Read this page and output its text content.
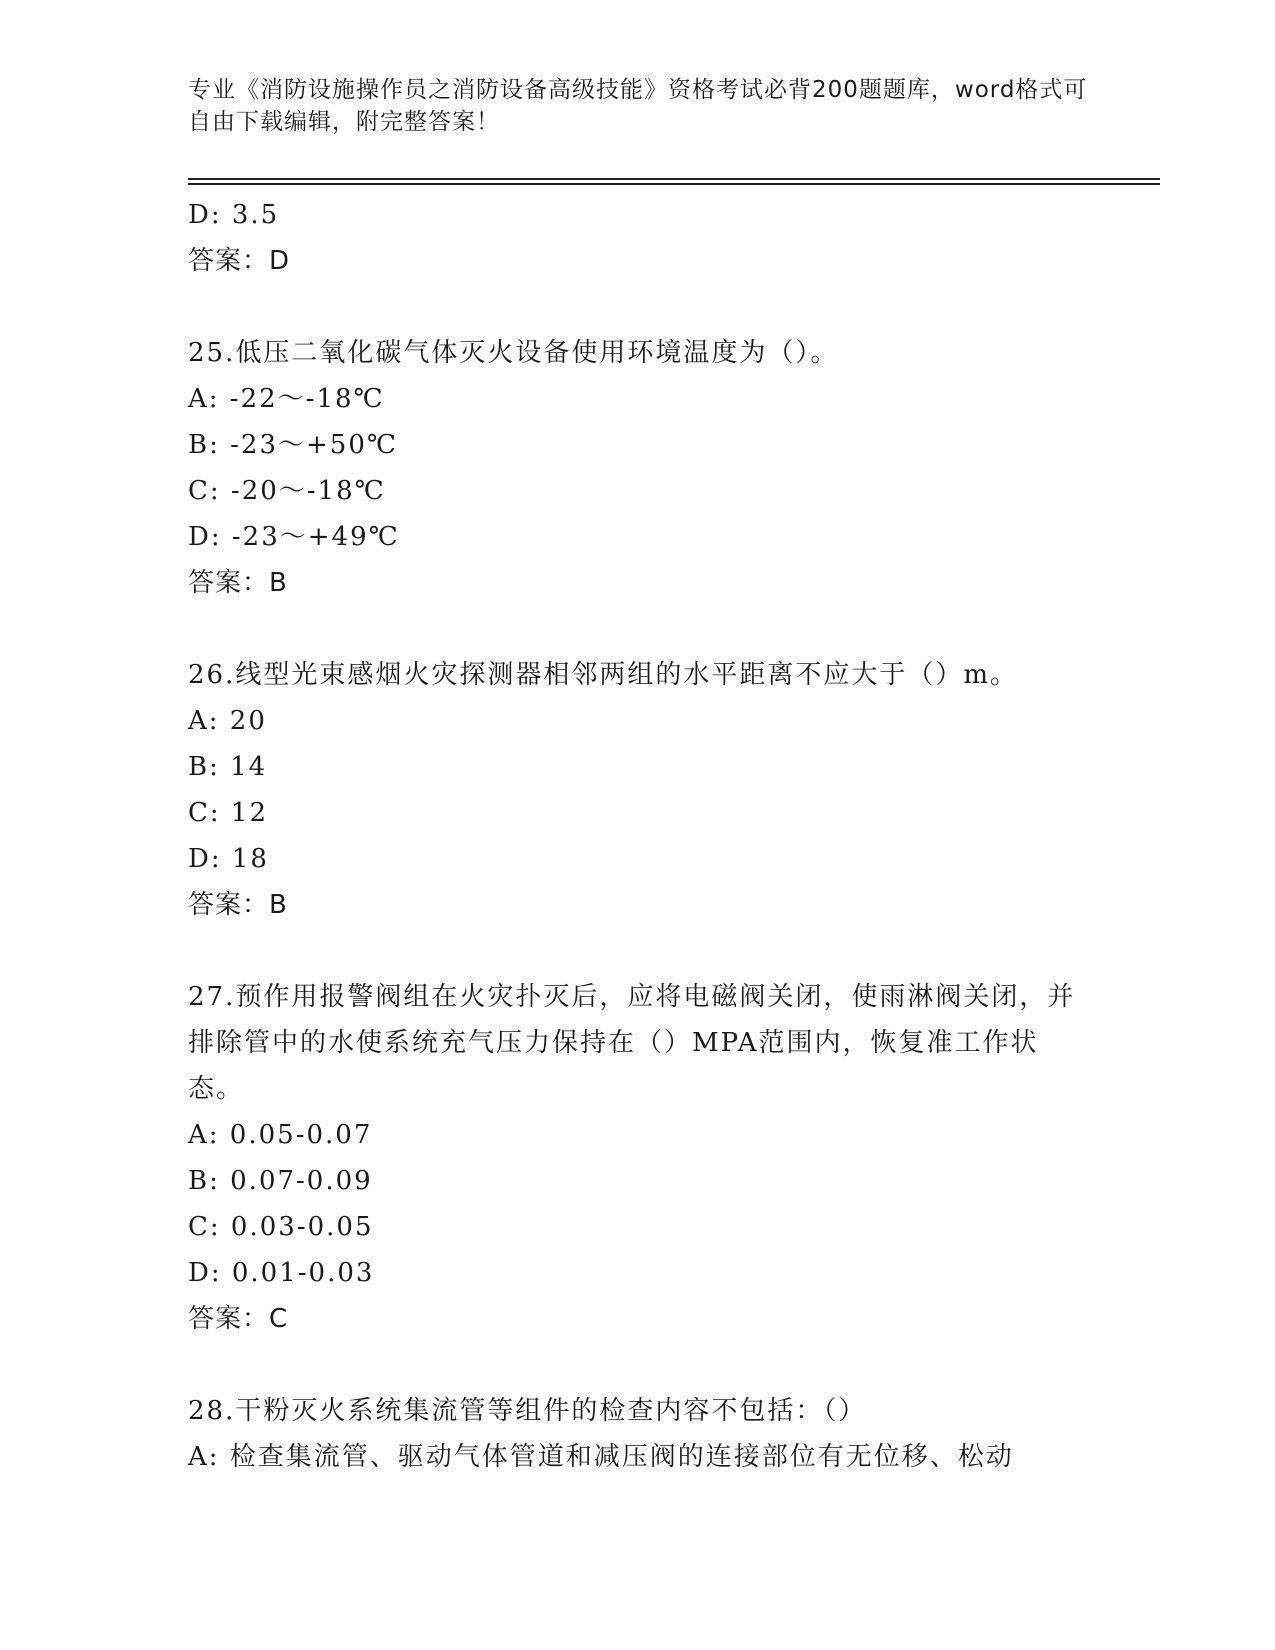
专业《消防设施操作员之消防设备高级技能》资格考试必背200题题库，word格式可自由下载编辑，附完整答案！
D: 3.5
答案：D
25.低压二氧化碳气体灭火设备使用环境温度为（）。
A: -22～-18℃
B: -23～+50℃
C: -20～-18℃
D: -23～+49℃
答案：B
26.线型光束感烟火灾探测器相邻两组的水平距离不应大于（）m。
A: 20
B: 14
C: 12
D: 18
答案：B
27.预作用报警阀组在火灾扑灭后，应将电磁阀关闭，使雨淋阀关闭，并排除管中的水使系统充气压力保持在（）MPA范围内，恢复准工作状态。
A: 0.05-0.07
B: 0.07-0.09
C: 0.03-0.05
D: 0.01-0.03
答案：C
28.干粉灭火系统集流管等组件的检查内容不包括：（）
A: 检查集流管、驱动气体管道和减压阀的连接部位有无位移、松动
